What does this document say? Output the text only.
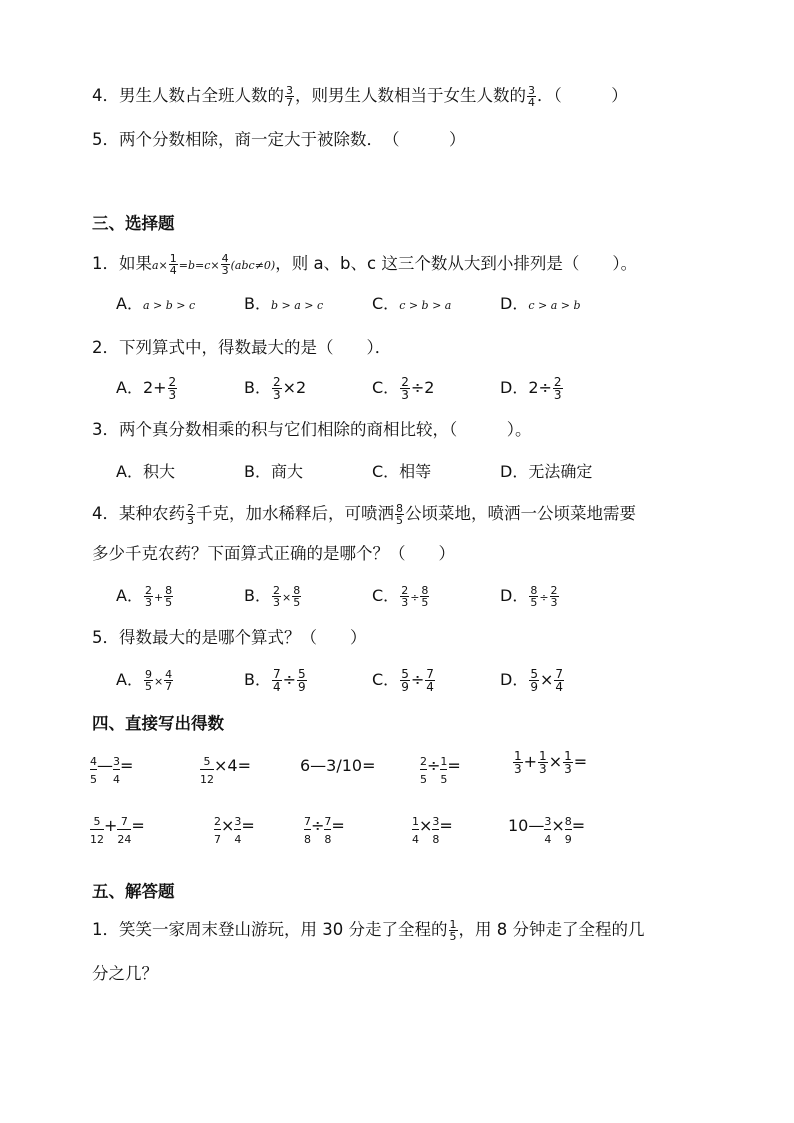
4．男生人数占全班人数的 $\frac{3}{7}$ ，则男生人数相当于女生人数的 $\frac{3}{4}$ ．（　　　）
5．两个分数相除，商一定大于被除数．　（　　　）
三、选择题
1．如果$a\times \frac{1}{4} =b=c\times \frac{4}{3} (abc\ne 0)$，则 a、b、c 这三个数从大到小排列是（　　）。
A．a > b > c	B．b > a > c	C．c > b > a	D．c > a > b
2．下列算式中，得数最大的是（　　）．
A．$2+ \frac{2}{3}$	B． $\frac{2}{3} \times 2$	C． $\frac{2}{3} \div 2$	D．$2\div \frac{2}{3}$
3．两个真分数相乘的积与它们相除的商相比较，（　　　）。
A．积大	B．商大	C．相等	D．无法确定
4．某种农药 $\frac{2}{3}$ 千克，加水稀释后，可喷洒 $\frac{8}{5}$ 公顷菜地，喷洒一公顷菜地需要
多少千克农药？下面算式正确的是哪个？（　　）
A． $\frac{2}{3} + \frac{8}{5}$	B． $\frac{2}{3} \times \frac{8}{5}$	C． $\frac{2}{3} \div \frac{8}{5}$	D． $\frac{8}{5} \div \frac{2}{3}$
5．得数最大的是哪个算式？（　　）
A． $\frac{9}{5} \times \frac{4}{7}$	B． $\frac{7}{4} \div \frac{5}{9}$	C． $\frac{5}{9} \div \frac{7}{4}$	D． $\frac{5}{9} \times \frac{7}{4}$
四、直接写出得数
$\frac{4}{5}$ — $\frac{3}{4}$ =	$\frac{5}{12} \times 4=$	6—3/10=	$\frac{2}{5} \div \frac{1}{5}$ =	$\frac{1}{3} + \frac{1}{3} \times \frac{1}{3}$ =
$\frac{5}{12} + \frac{7}{24}$ =	$\frac{2}{7} \times \frac{3}{4}$ =	$\frac{7}{8} \div \frac{7}{8}$ =	$\frac{1}{4} \times \frac{3}{8}$ =	10— $\frac{3}{4} \times \frac{8}{9}$ =
五、解答题
1．笑笑一家周末登山游玩，用 30 分走了全程的 $\frac{1}{5}$ ，用 8 分钟走了全程的几
分之几？
